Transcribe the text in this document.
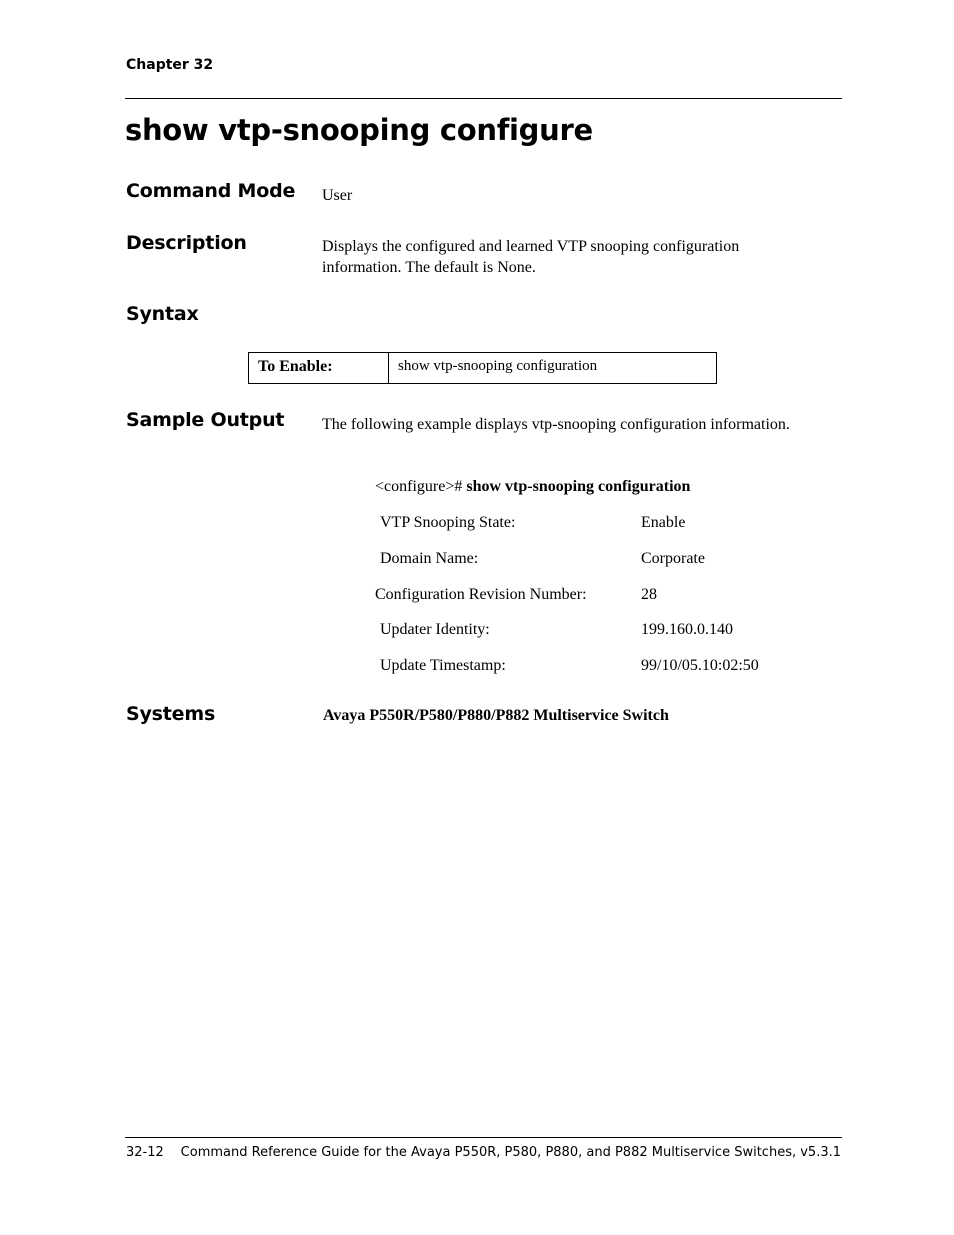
Chapter 32
show vtp-snooping configure
Command Mode User
Description	Displays the configured and learned VTP snooping configuration information. The default is None.
Syntax
To Enable:	show vtp-snooping configuration
Sample Output The following example displays vtp-snooping configuration information.
<configure># show vtp-snooping configuration
VTP Snooping State:	Enable
Domain Name:	Corporate
Configuration Revision Number:	28
Updater Identity:	199.160.0.140
Update Timestamp:	99/10/05.10:02:50
Systems	Avaya P550R/P580/P880/P882 Multiservice Switch
32-12 Command Reference Guide for the Avaya P550R, P580, P880, and P882 Multiservice Switches, v5.3.1
